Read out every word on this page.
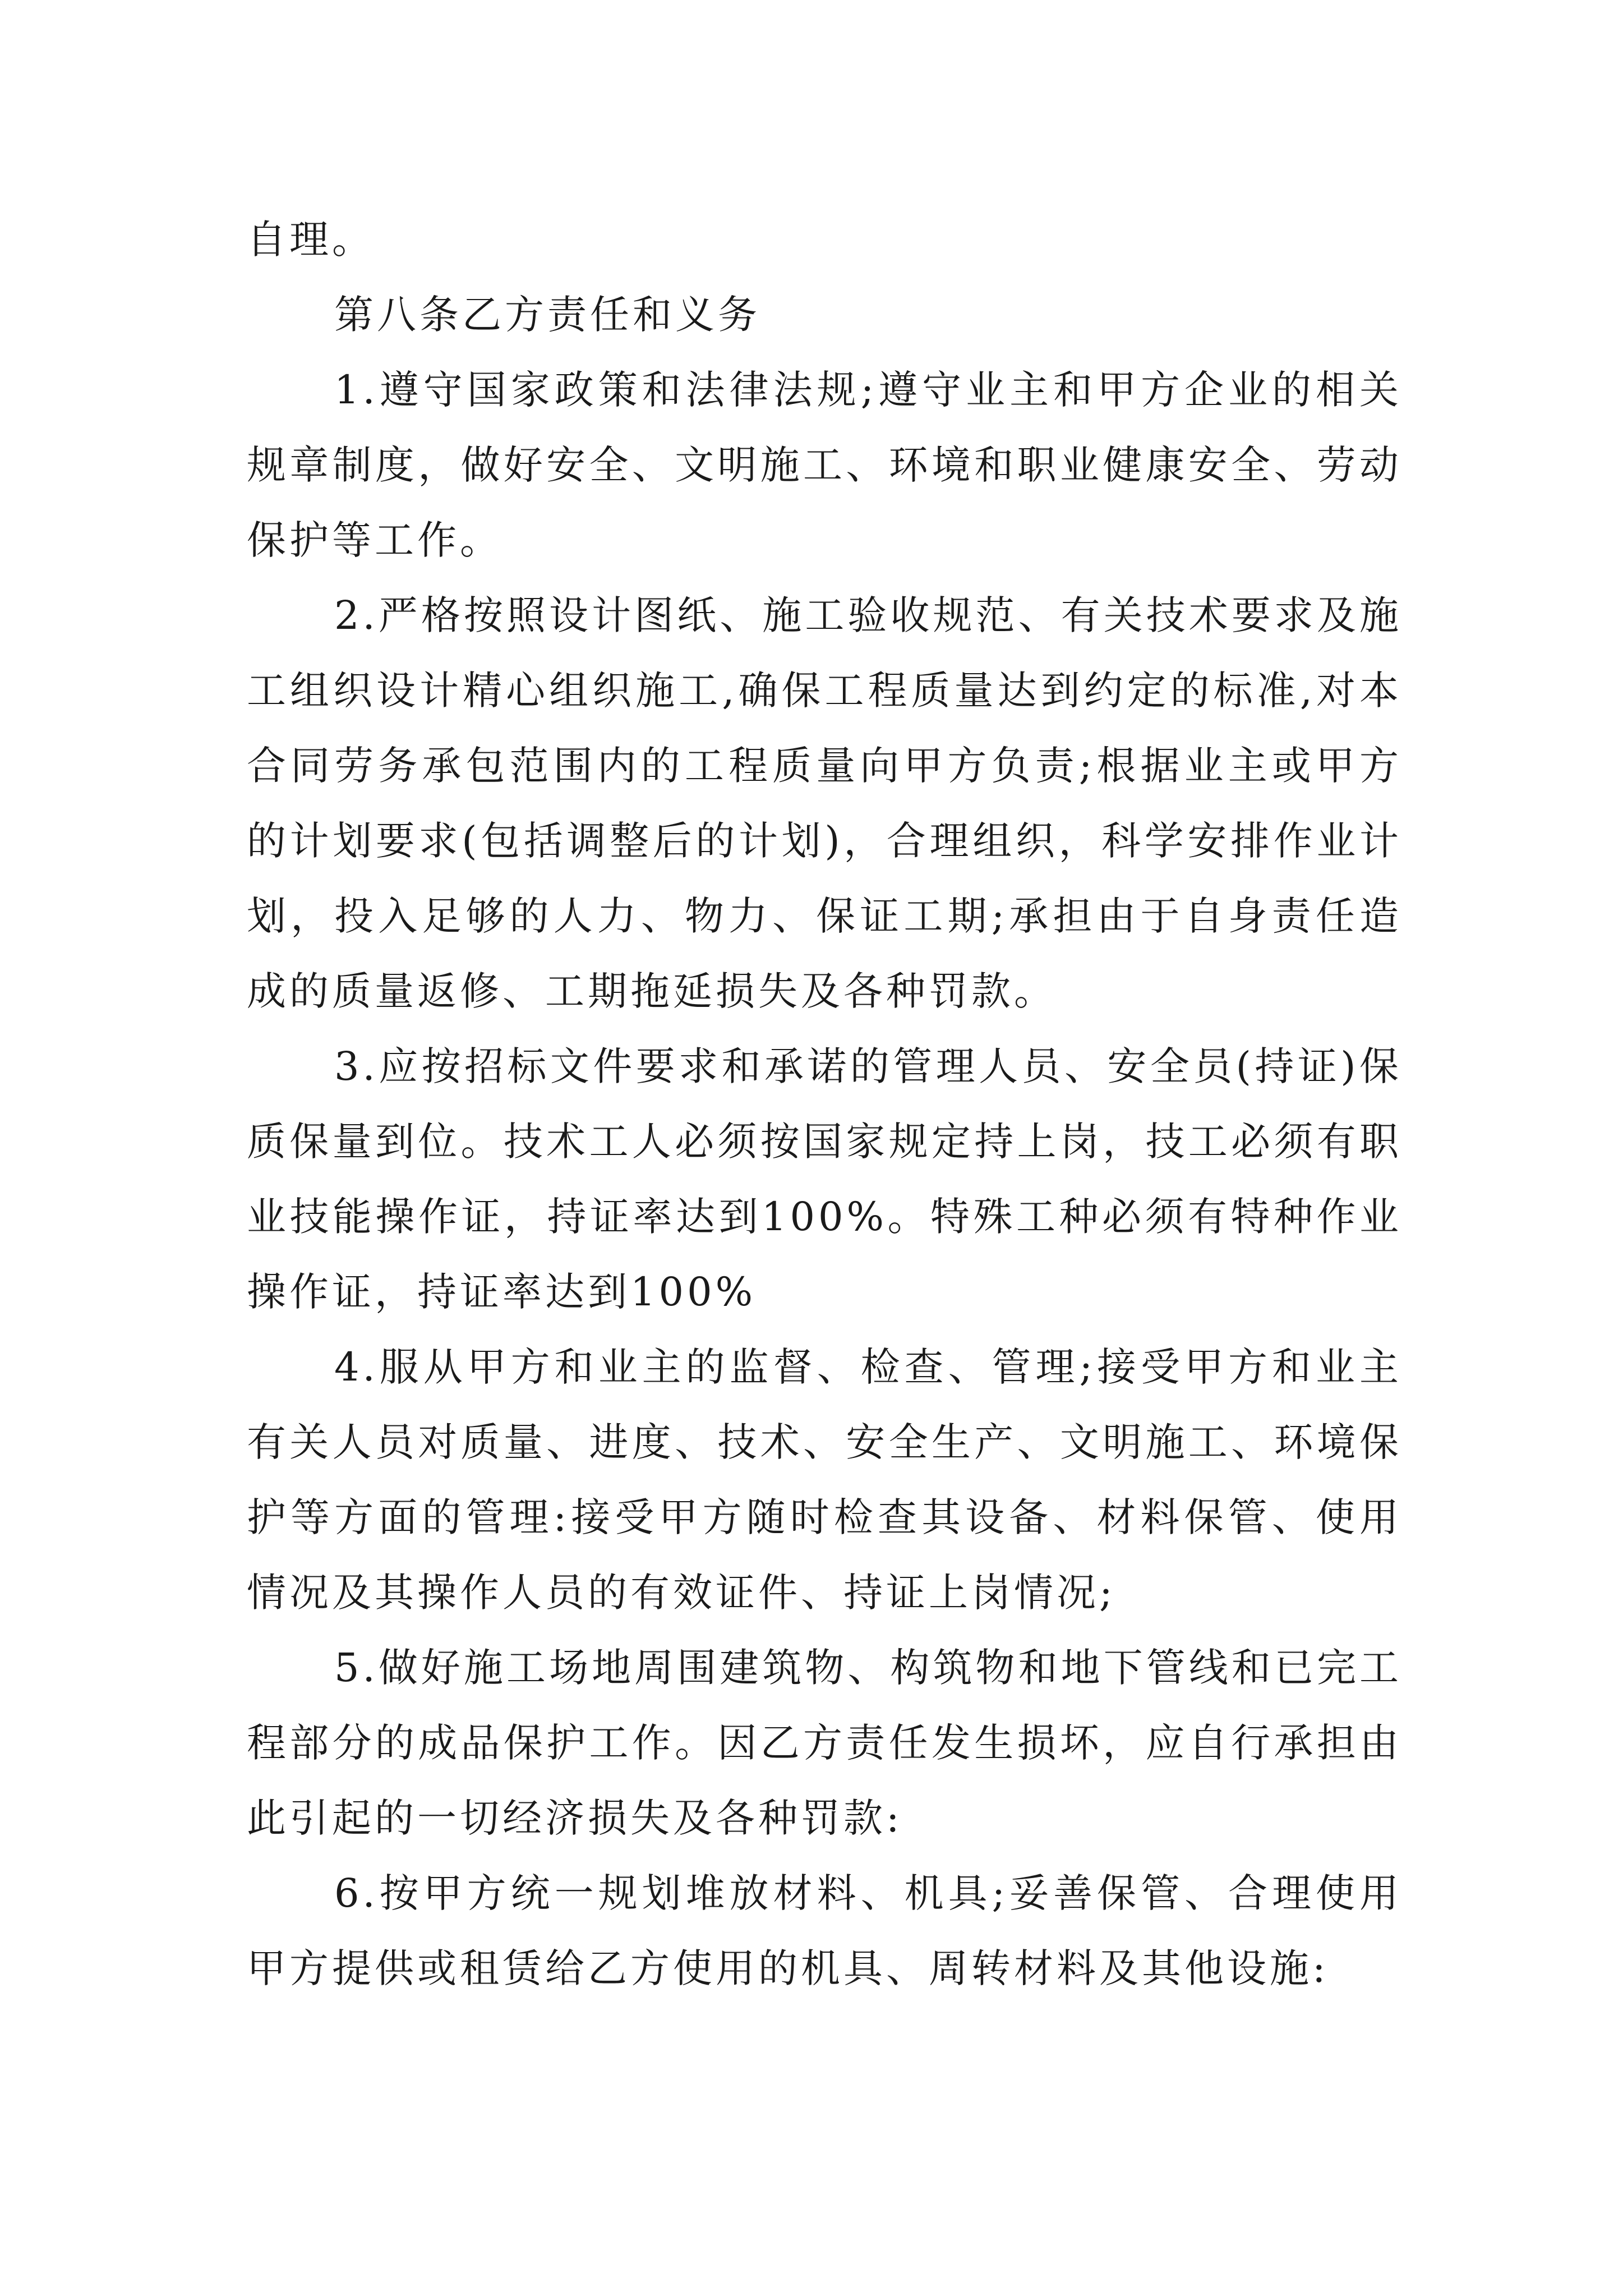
自理。

第八条乙方责任和义务

1.遵守国家政策和法律法规;遵守业主和甲方企业的相关规章制度，做好安全、文明施工、环境和职业健康安全、劳动保护等工作。

2.严格按照设计图纸、施工验收规范、有关技术要求及施工组织设计精心组织施工,确保工程质量达到约定的标准,对本合同劳务承包范围内的工程质量向甲方负责;根据业主或甲方的计划要求(包括调整后的计划)，合理组织，科学安排作业计划，投入足够的人力、物力、保证工期;承担由于自身责任造成的质量返修、工期拖延损失及各种罚款。

3.应按招标文件要求和承诺的管理人员、安全员(持证)保质保量到位。技术工人必须按国家规定持上岗，技工必须有职业技能操作证，持证率达到100%。特殊工种必须有特种作业操作证，持证率达到100%

4.服从甲方和业主的监督、检查、管理;接受甲方和业主有关人员对质量、进度、技术、安全生产、文明施工、环境保护等方面的管理:接受甲方随时检查其设备、材料保管、使用情况及其操作人员的有效证件、持证上岗情况;

5.做好施工场地周围建筑物、构筑物和地下管线和已完工程部分的成品保护工作。因乙方责任发生损坏，应自行承担由此引起的一切经济损失及各种罚款:

6.按甲方统一规划堆放材料、机具;妥善保管、合理使用甲方提供或租赁给乙方使用的机具、周转材料及其他设施:
